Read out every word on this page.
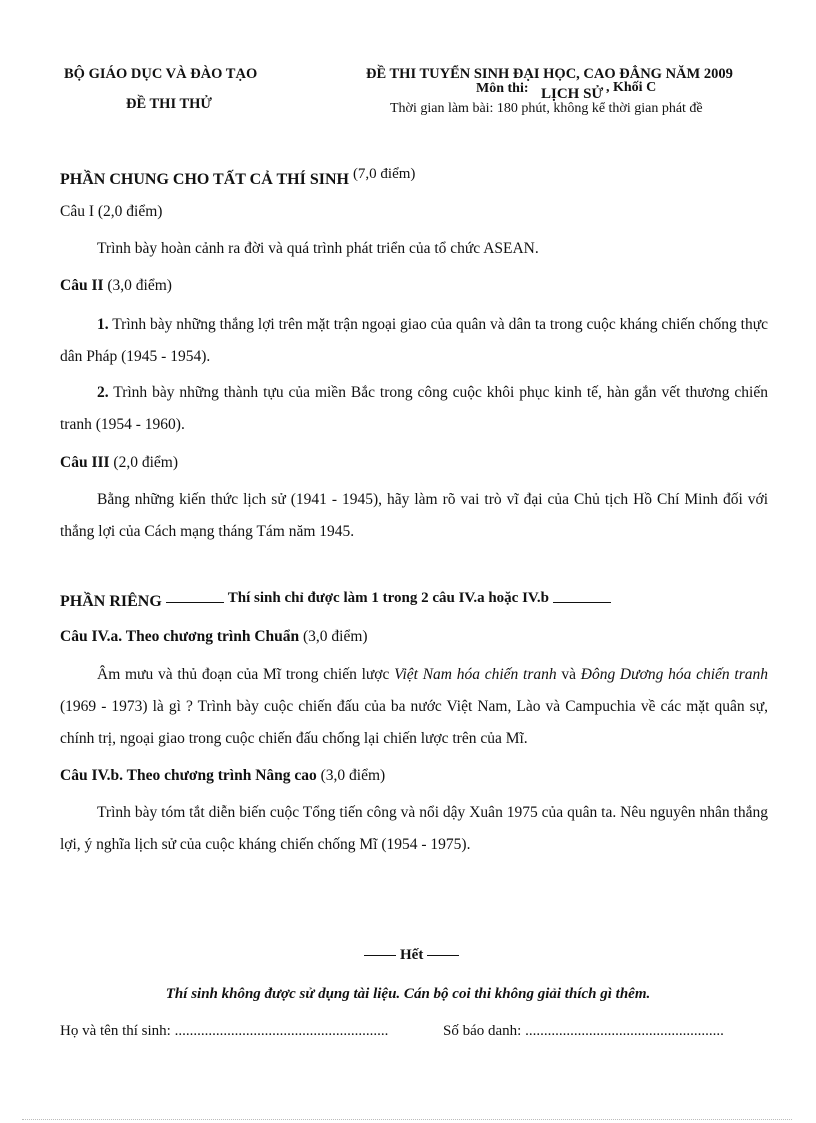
BỘ GIÁO DỤC VÀ ĐÀO TẠO
ĐỀ THI THỬ
ĐỀ THI TUYỂN SINH ĐẠI HỌC, CAO ĐẲNG NĂM 2009
Môn thi: LỊCH SỬ , Khối C
Thời gian làm bài: 180 phút, không kể thời gian phát đề
PHẦN CHUNG CHO TẤT CẢ THÍ SINH (7,0 điểm)
Câu I (2,0 điểm)
Trình bày hoàn cảnh ra đời và quá trình phát triển của tổ chức ASEAN.
Câu II (3,0 điểm)
1. Trình bày những thắng lợi trên mặt trận ngoại giao của quân và dân ta trong cuộc kháng chiến chống thực dân Pháp (1945 - 1954).
2. Trình bày những thành tựu của miền Bắc trong công cuộc khôi phục kinh tế, hàn gắn vết thương chiến tranh (1954 - 1960).
Câu III (2,0 điểm)
Bằng những kiến thức lịch sử (1941 - 1945), hãy làm rõ vai trò vĩ đại của Chủ tịch Hồ Chí Minh đối với thắng lợi của Cách mạng tháng Tám năm 1945.
PHẦN RIÊNG	Thí sinh chỉ được làm 1 trong 2 câu IV.a hoặc IV.b
Câu IV.a. Theo chương trình Chuẩn (3,0 điểm)
Âm mưu và thủ đoạn của Mĩ trong chiến lược Việt Nam hóa chiến tranh và Đông Dương hóa chiến tranh (1969 - 1973) là gì ? Trình bày cuộc chiến đấu của ba nước Việt Nam, Lào và Campuchia về các mặt quân sự, chính trị, ngoại giao trong cuộc chiến đấu chống lại chiến lược trên của Mĩ.
Câu IV.b. Theo chương trình Nâng cao (3,0 điểm)
Trình bày tóm tắt diễn biến cuộc Tổng tiến công và nổi dậy Xuân 1975 của quân ta. Nêu nguyên nhân thắng lợi, ý nghĩa lịch sử của cuộc kháng chiến chống Mĩ (1954 - 1975).
Hết
Thí sinh không được sử dụng tài liệu. Cán bộ coi thi không giải thích gì thêm.
Họ và tên thí sinh: .........................................................	Số báo danh: .....................................................
